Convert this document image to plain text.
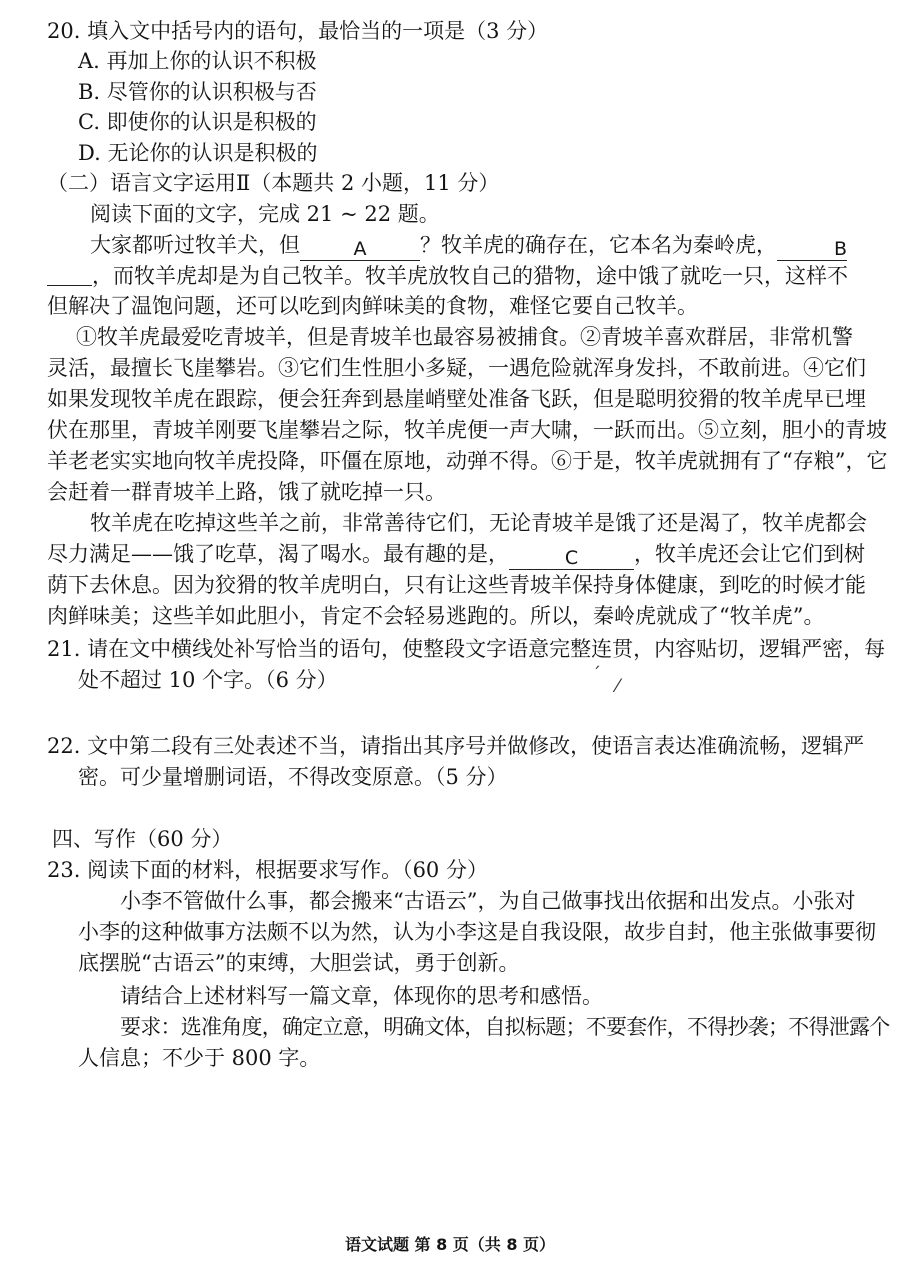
20. 填入文中括号内的语句，最恰当的一项是（3 分）
A. 再加上你的认识不积极
B. 尽管你的认识积极与否
C. 即使你的认识是积极的
D. 无论你的认识是积极的
（二）语言文字运用Ⅱ（本题共 2 小题，11 分）
阅读下面的文字，完成 21 ~ 22 题。
大家都听过牧羊犬，但	A	？牧羊虎的确存在，它本名为秦岭虎，	B
，而牧羊虎却是为自己牧羊。牧羊虎放牧自己的猎物，途中饿了就吃一只，这样不
但解决了温饱问题，还可以吃到肉鲜味美的食物，难怪它要自己牧羊。
①牧羊虎最爱吃青坡羊，但是青坡羊也最容易被捕食。②青坡羊喜欢群居，非常机警
灵活，最擅长飞崖攀岩。③它们生性胆小多疑，一遇危险就浑身发抖，不敢前进。④它们
如果发现牧羊虎在跟踪，便会狂奔到悬崖峭壁处准备飞跃，但是聪明狡猾的牧羊虎早已埋
伏在那里，青坡羊刚要飞崖攀岩之际，牧羊虎便一声大啸，一跃而出。⑤立刻，胆小的青坡
羊老老实实地向牧羊虎投降，吓僵在原地，动弹不得。⑥于是，牧羊虎就拥有了“存粮”，它
会赶着一群青坡羊上路，饿了就吃掉一只。
牧羊虎在吃掉这些羊之前，非常善待它们，无论青坡羊是饿了还是渴了，牧羊虎都会
尽力满足——饿了吃草，渴了喝水。最有趣的是，	C	，牧羊虎还会让它们到树
荫下去休息。因为狡猾的牧羊虎明白，只有让这些青坡羊保持身体健康，到吃的时候才能
肉鲜味美；这些羊如此胆小，肯定不会轻易逃跑的。所以，秦岭虎就成了“牧羊虎”。
21. 请在文中横线处补写恰当的语句，使整段文字语意完整连贯，内容贴切，逻辑严密，每
处不超过 10 个字。（6 分）	ˊ
⁄
22. 文中第二段有三处表述不当，请指出其序号并做修改，使语言表达准确流畅，逻辑严
密。可少量增删词语，不得改变原意。（5 分）
四、写作（60 分）
23. 阅读下面的材料，根据要求写作。（60 分）
小李不管做什么事，都会搬来“古语云”，为自己做事找出依据和出发点。小张对
小李的这种做事方法颇不以为然，认为小李这是自我设限，故步自封，他主张做事要彻
底摆脱“古语云”的束缚，大胆尝试，勇于创新。
请结合上述材料写一篇文章，体现你的思考和感悟。
要求：选准角度，确定立意，明确文体，自拟标题；不要套作，不得抄袭；不得泄露个
人信息；不少于 800 字。
语文试题 第 8 页（共 8 页）
